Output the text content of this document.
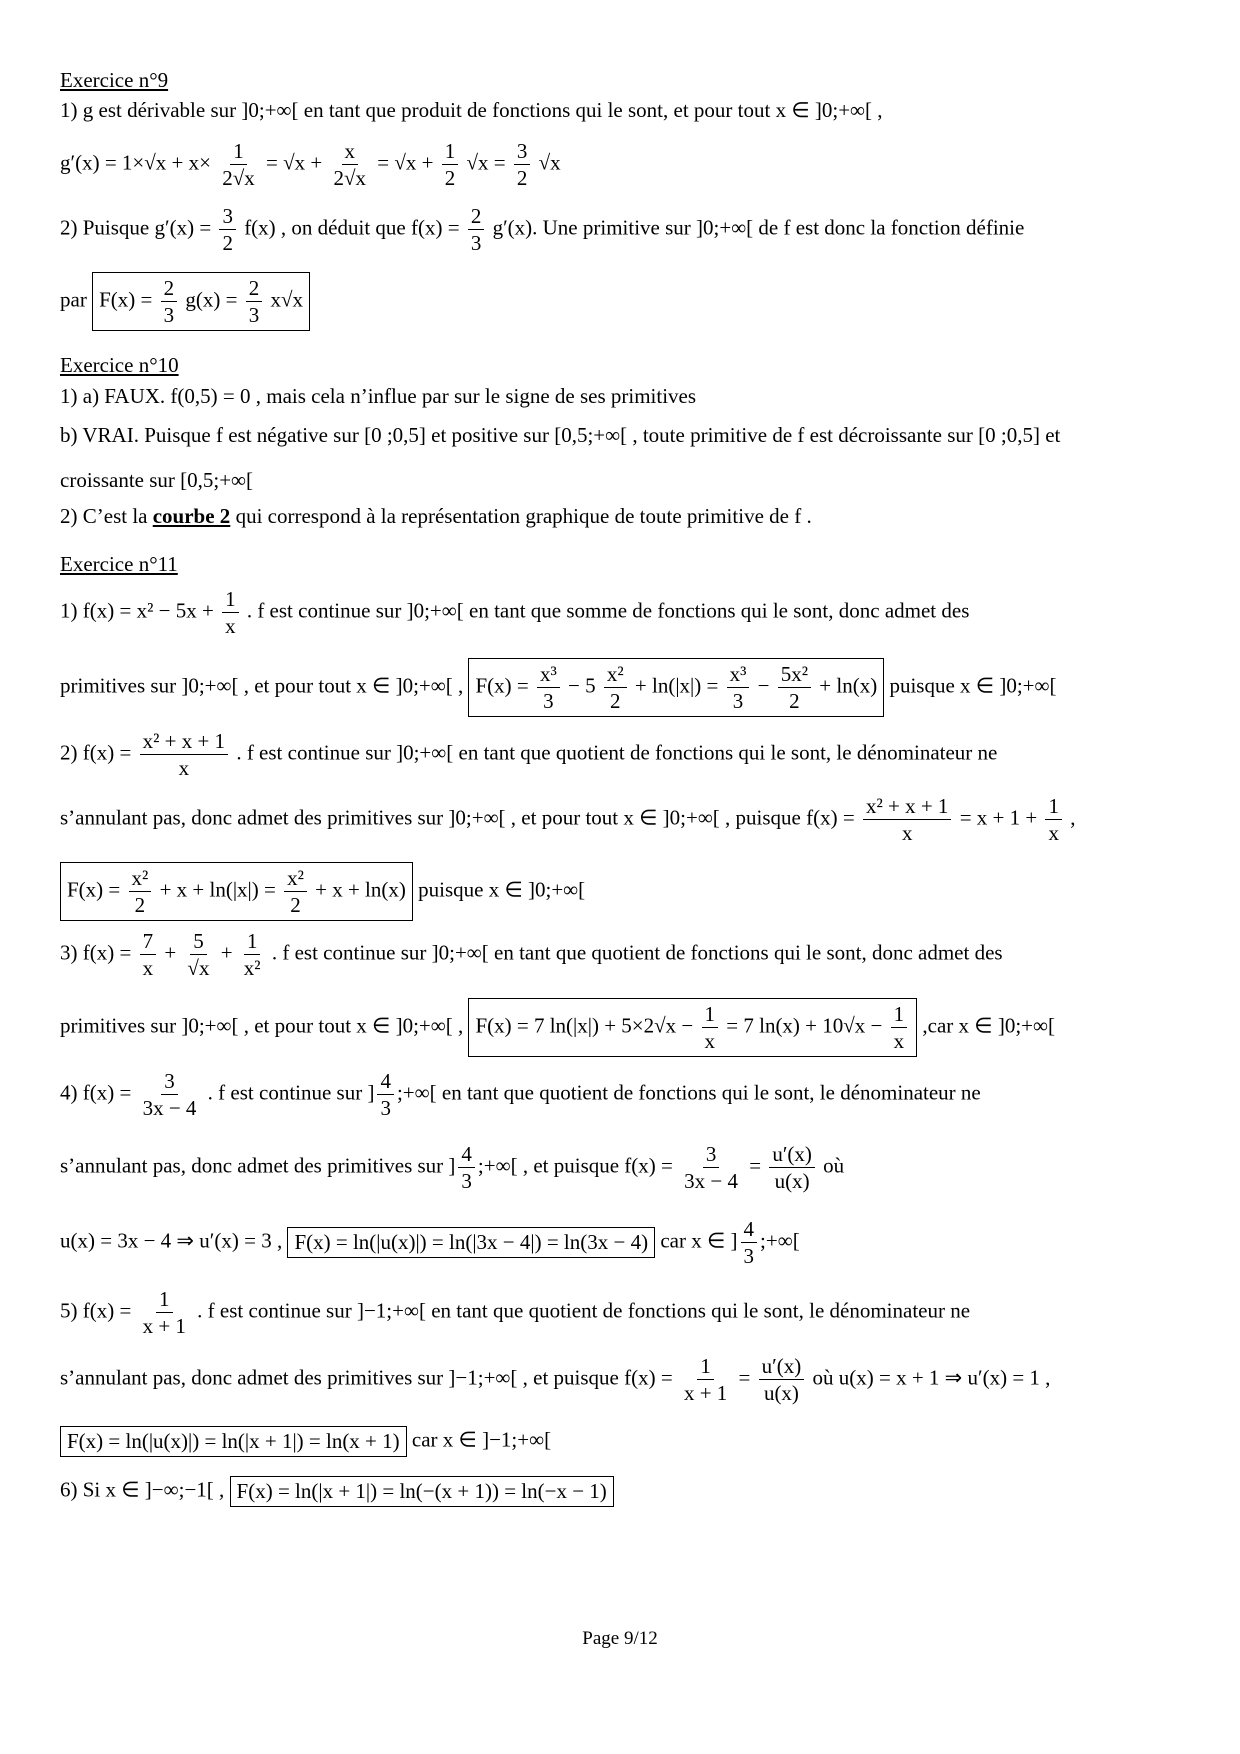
Exercice n°9
1) g est dérivable sur ]0;+∞[ en tant que produit de fonctions qui le sont, et pour tout x ∈ ]0;+∞[ ,
$g'(x) = 1\times√x + x\times \frac{1}{2√x} = √x + \frac{x}{2√x} = √x + \frac{1}{2} √x = \frac{3}{2} √x$
2) Puisque $g'(x) = \frac{3}{2} f(x)$ , on déduit que $f(x) = \frac{2}{3} g'(x)$. Une primitive sur ]0;+∞[ de f est donc la fonction définie
par $F(x) = \frac{2}{3} g(x) = \frac{2}{3} x√x$
Exercice n°10
1) a) FAUX. f(0,5) = 0 , mais cela n’influe par sur le signe de ses primitives
b) VRAI. Puisque f est négative sur [0 ;0,5] et positive sur [0,5;+∞[ , toute primitive de f est décroissante sur [0 ;0,5] et
croissante sur [0,5;+∞[
2) C’est la courbe 2 qui correspond à la représentation graphique de toute primitive de f .
Exercice n°11
1) $f(x) = x^2 - 5x + \frac{1}{x}$ . f est continue sur ]0;+∞[ en tant que somme de fonctions qui le sont, donc admet des
primitives sur ]0;+∞[ , et pour tout x ∈ ]0;+∞[ , $F(x) = \frac{\text{x³}}{3} - 5 \frac{\text{x²}}{2} + \ln(|x|) = \frac{\text{x³}}{3} - \frac{\text{5x²}}{2} + \ln(x)$ puisque x ∈ ]0;+∞[
2) $f(x) = \frac{\text{x² + x + 1}}{x}$ . f est continue sur ]0;+∞[ en tant que quotient de fonctions qui le sont, le dénominateur ne
s’annulant pas, donc admet des primitives sur ]0;+∞[ , et pour tout x ∈ ]0;+∞[ , puisque $f(x) = \frac{\text{x² + x + 1}}{x} = x + 1 + \frac{1}{x}$ ,
$F(x) = \frac{\text{x²}}{2} + x + \ln(|x|) = \frac{\text{x²}}{2} + x + \ln(x)$ puisque x ∈ ]0;+∞[
3) $f(x) = \frac{7}{x} + \frac{5}{√x} + \frac{1}{\text{x²}}$ . f est continue sur ]0;+∞[ en tant que quotient de fonctions qui le sont, donc admet des
primitives sur ]0;+∞[ , et pour tout x ∈ ]0;+∞[ , F(x) = 7 $\ln(|x|) + 5\times 2√x - \frac{1}{x} = 7$ $\ln(x) + 10√x - \frac{1}{x} ,car$ x ∈ ]0;+∞[
4) $f(x) = \frac{3}{3x - 4}$ . f est continue sur ] $\frac{4}{3}$ ;+∞[ en tant que quotient de fonctions qui le sont, le dénominateur ne
s’annulant pas, donc admet des primitives sur ] $\frac{4}{3}$ ;+∞[ , et puisque $f(x) = \frac{3}{3x - 4} = \frac{u'(x)}{u(x)}$ où
u(x) = 3x − 4 ⇒ u′(x) = 3 , F(x) = ln(|u(x)|) = ln(|3x − 4|) = ln(3x − 4) car x ∈ ] $\frac{4}{3}$ ;+∞[
5) $f(x) = \frac{1}{x + 1}$ . f est continue sur ]−1;+∞[ en tant que quotient de fonctions qui le sont, le dénominateur ne
s’annulant pas, donc admet des primitives sur ]−1;+∞[ , et puisque $f(x) = \frac{1}{x + 1} = \frac{u'(x)}{u(x)}$ où u(x) = x + 1 ⇒ u′(x) = 1 ,
F(x) = ln(|u(x)|) = ln(|x + 1|) = ln(x + 1) car x ∈ ]−1;+∞[
6) Si x ∈ ]−∞;−1[ , F(x) = ln(|x + 1|) = ln(−(x + 1)) = ln(−x − 1)
Page 9/12
